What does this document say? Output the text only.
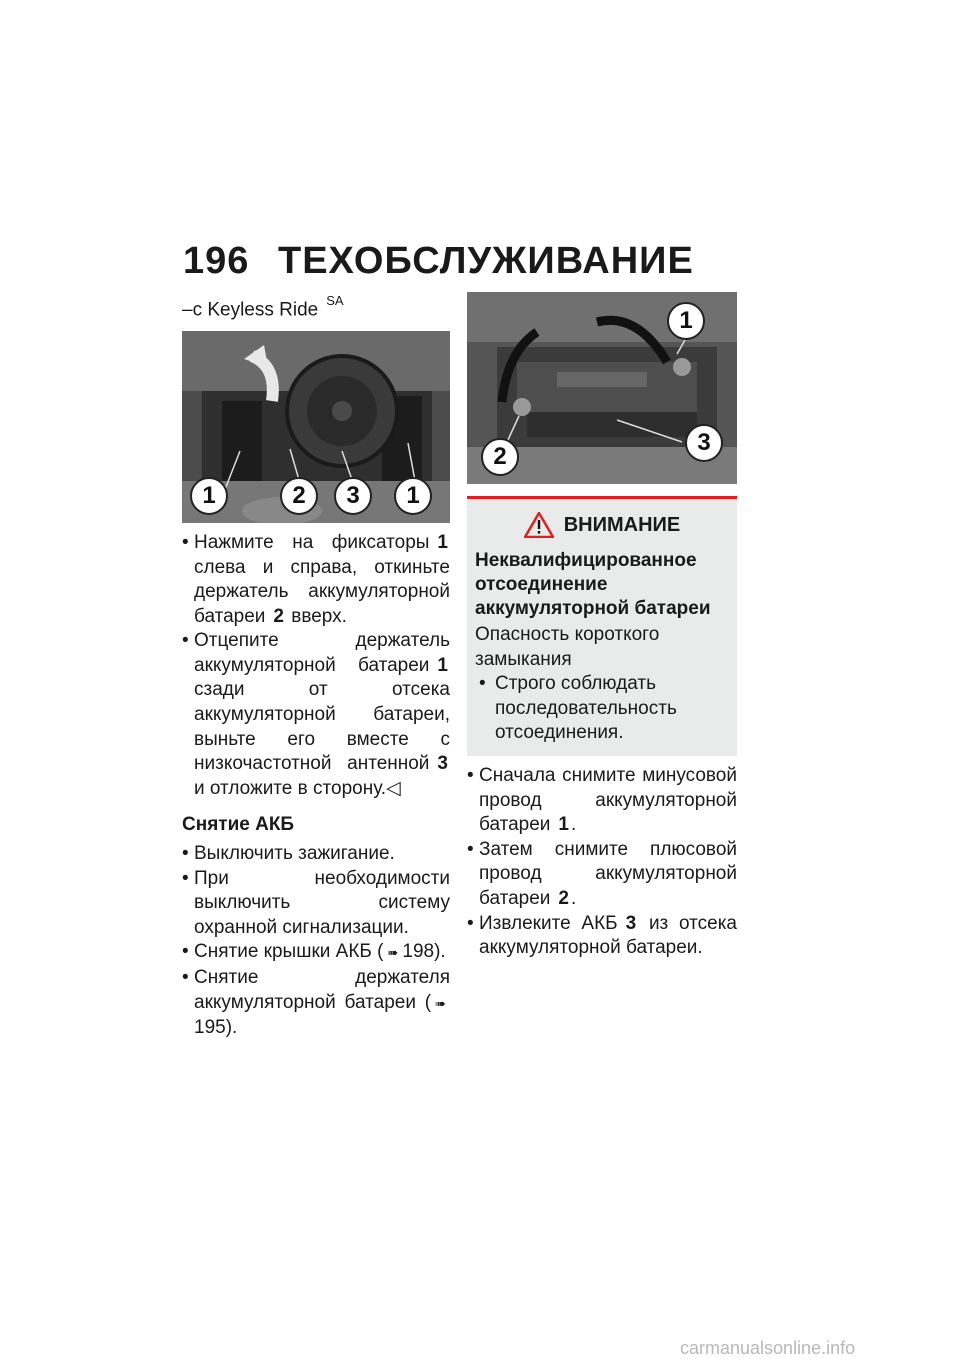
196 ТЕХОБСЛУЖИВАНИЕ
–с Keyless Ride $^{SA}$
1	2	3	1
• Нажмите на фиксаторы 1 слева и справа, откиньте держатель аккумуляторной батареи 2 вверх.
• Отцепите держатель аккумуляторной батареи 1 сзади от отсека аккумуляторной батареи, выньте его вместе с низкочастотной антенной 3 и отложите в сторону.◁
Снятие АКБ
• Выключить зажигание.
• При необходимости выключить систему охранной сигнализации.
• Снятие крышки АКБ ( ➠ 198).
• Снятие держателя аккумуляторной батареи ( ➠195).
1
2
3
ВНИМАНИЕ
Неквалифицированное отсоединение аккумуляторной батареи
Опасность короткого замыкания
• Строго соблюдать последовательность отсоединения.
• Сначала снимите минусовой провод аккумуляторной батареи 1 .
• Затем снимите плюсовой провод аккумуляторной батареи 2 .
• Извлеките АКБ 3 из отсека аккумуляторной батареи.
carmanualsonline.info
